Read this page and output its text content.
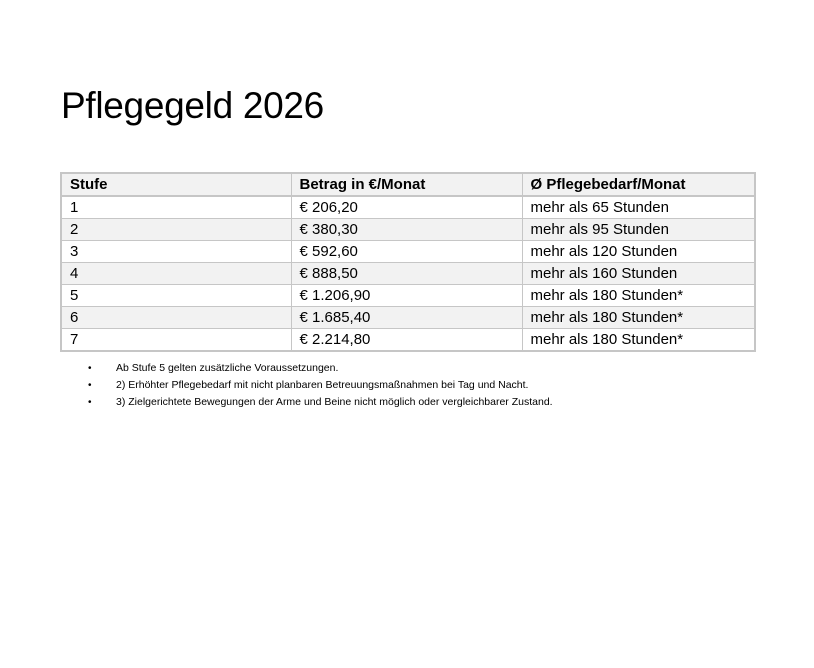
Pflegegeld 2026
Stufe	Betrag in €/Monat	Ø Pflegebedarf/Monat
1	€ 206,20	mehr als 65 Stunden
2	€ 380,30	mehr als 95 Stunden
3	€ 592,60	mehr als 120 Stunden
4	€ 888,50	mehr als 160 Stunden
5	€ 1.206,90	mehr als 180 Stunden*
6	€ 1.685,40	mehr als 180 Stunden*
7	€ 2.214,80	mehr als 180 Stunden*
• Ab Stufe 5 gelten zusätzliche Voraussetzungen.
• 2) Erhöhter Pflegebedarf mit nicht planbaren Betreuungsmaßnahmen bei Tag und Nacht.
• 3) Zielgerichtete Bewegungen der Arme und Beine nicht möglich oder vergleichbarer Zustand.
